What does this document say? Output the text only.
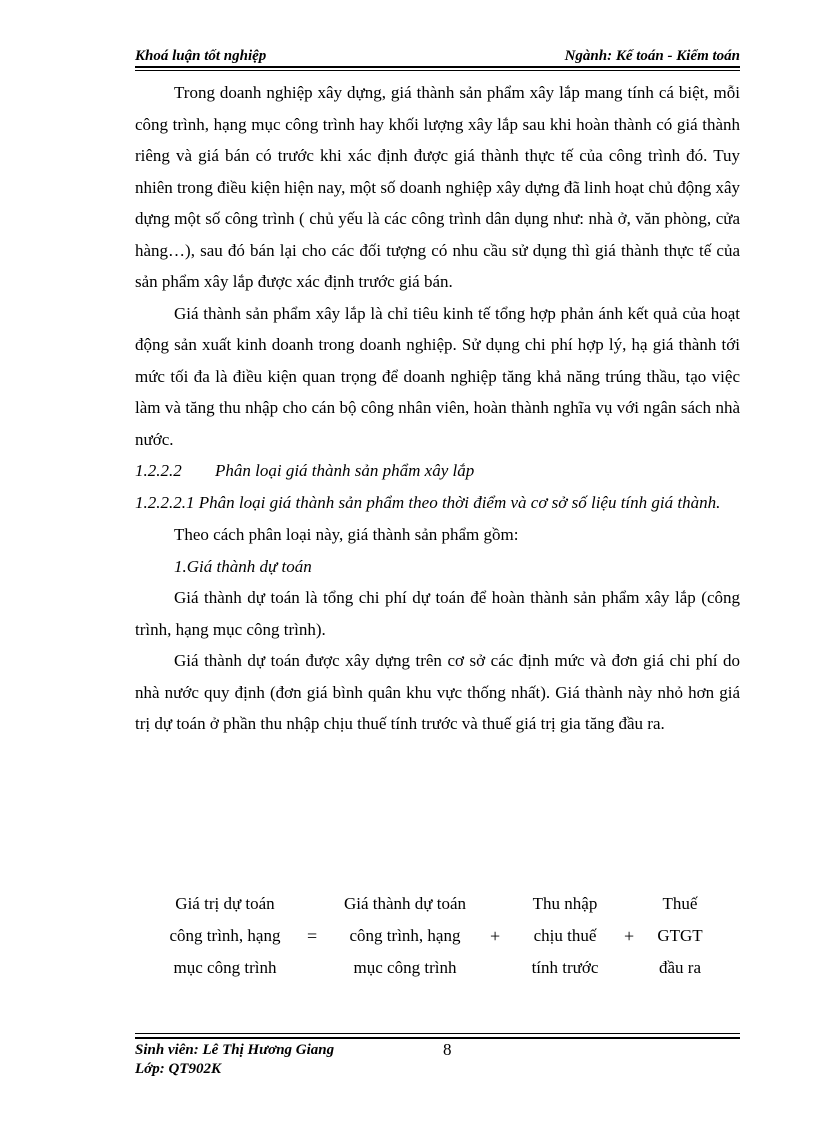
Khoá luận tốt nghiệp	Ngành: Kế toán - Kiểm toán

Trong doanh nghiệp xây dựng, giá thành sản phẩm xây lắp mang tính cá biệt, mỗi công trình, hạng mục công trình hay khối lượng xây lắp sau khi hoàn thành có giá thành riêng và giá bán có trước khi xác định được giá thành thực tế của công trình đó. Tuy nhiên trong điều kiện hiện nay, một số doanh nghiệp xây dựng đã linh hoạt chủ động xây dựng một số công trình ( chủ yếu là các công trình dân dụng như: nhà ở, văn phòng, cửa hàng…), sau đó bán lại cho các đối tượng có nhu cầu sử dụng thì giá thành thực tế của sản phẩm xây lắp được xác định trước giá bán.

Giá thành sản phẩm xây lắp là chỉ tiêu kinh tế tổng hợp phản ánh kết quả của hoạt động sản xuất kinh doanh trong doanh nghiệp. Sử dụng chi phí hợp lý, hạ giá thành tới mức tối đa là điều kiện quan trọng để doanh nghiệp tăng khả năng trúng thầu, tạo việc làm và tăng thu nhập cho cán bộ công nhân viên, hoàn thành nghĩa vụ với ngân sách nhà nước.

1.2.2.2 Phân loại giá thành sản phẩm xây lắp

1.2.2.2.1 Phân loại giá thành sản phẩm theo thời điểm và cơ sở số liệu tính giá thành.

Theo cách phân loại này, giá thành sản phẩm gồm:

1.Giá thành dự toán

Giá thành dự toán là tổng chi phí dự toán để hoàn thành sản phẩm xây lắp (công trình, hạng mục công trình).

Giá thành dự toán được xây dựng trên cơ sở các định mức và đơn giá chi phí do nhà nước quy định (đơn giá bình quân khu vực thống nhất). Giá thành này nhỏ hơn giá trị dự toán ở phần thu nhập chịu thuế tính trước và thuế giá trị gia tăng đầu ra.

Giá trị dự toán
công trình, hạng
mục công trình
=
Giá thành dự toán
công trình, hạng
mục công trình
+
Thu nhập
chịu thuế
tính trước
+
Thuế
GTGT
đầu ra
Sinh viên: Lê Thị Hương Giang	8
Lớp: QT902K
